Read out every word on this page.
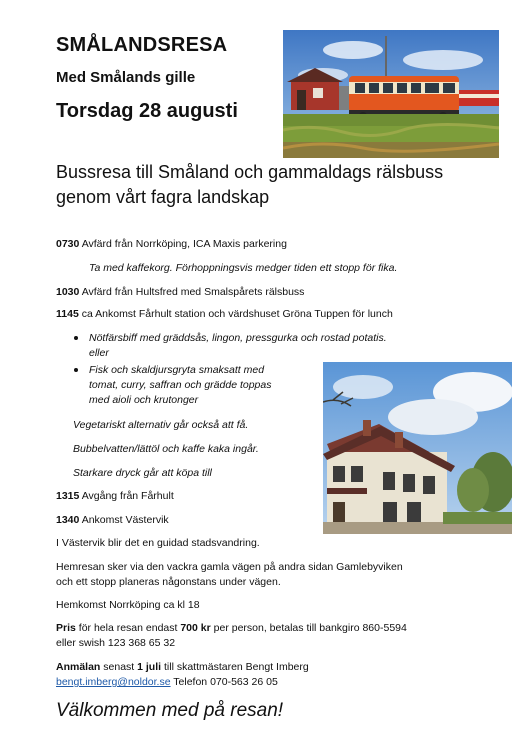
SMÅLANDSRESA
Med Smålands gille
Torsdag 28 augusti
Bussresa till Småland och gammaldags rälsbuss
genom vårt fagra landskap
0730 Avfärd från Norrköping, ICA Maxis parkering
Ta med kaffekorg. Förhoppningsvis medger tiden ett stopp för fika.
1030 Avfärd från Hultsfred med Smalspårets rälsbuss
1145 ca Ankomst Fårhult station och värdshuset Gröna Tuppen för lunch
Nötfärsbiff med gräddsås, lingon, pressgurka och rostad potatis.
eller
Fisk och skaldjursgryta smaksatt med
tomat, curry, saffran och grädde toppas
med aioli och krutonger
Vegetariskt alternativ går också att få.
Bubbelvatten/lättöl och kaffe kaka ingår.
Starkare dryck går att köpa till
1315 Avgång från Fårhult
1340 Ankomst Västervik
I Västervik blir det en guidad stadsvandring.
Hemresan sker via den vackra gamla vägen på andra sidan Gamlebyviken
och ett stopp planeras någonstans under vägen.
Hemkomst Norrköping ca kl 18
Pris för hela resan endast 700 kr per person, betalas till bankgiro 860-5594
eller swish 123 368 65 32
Anmälan senast 1 juli till skattmästaren Bengt Imberg
bengt.imberg@noldor.se Telefon 070-563 26 05
Välkommen med på resan!
